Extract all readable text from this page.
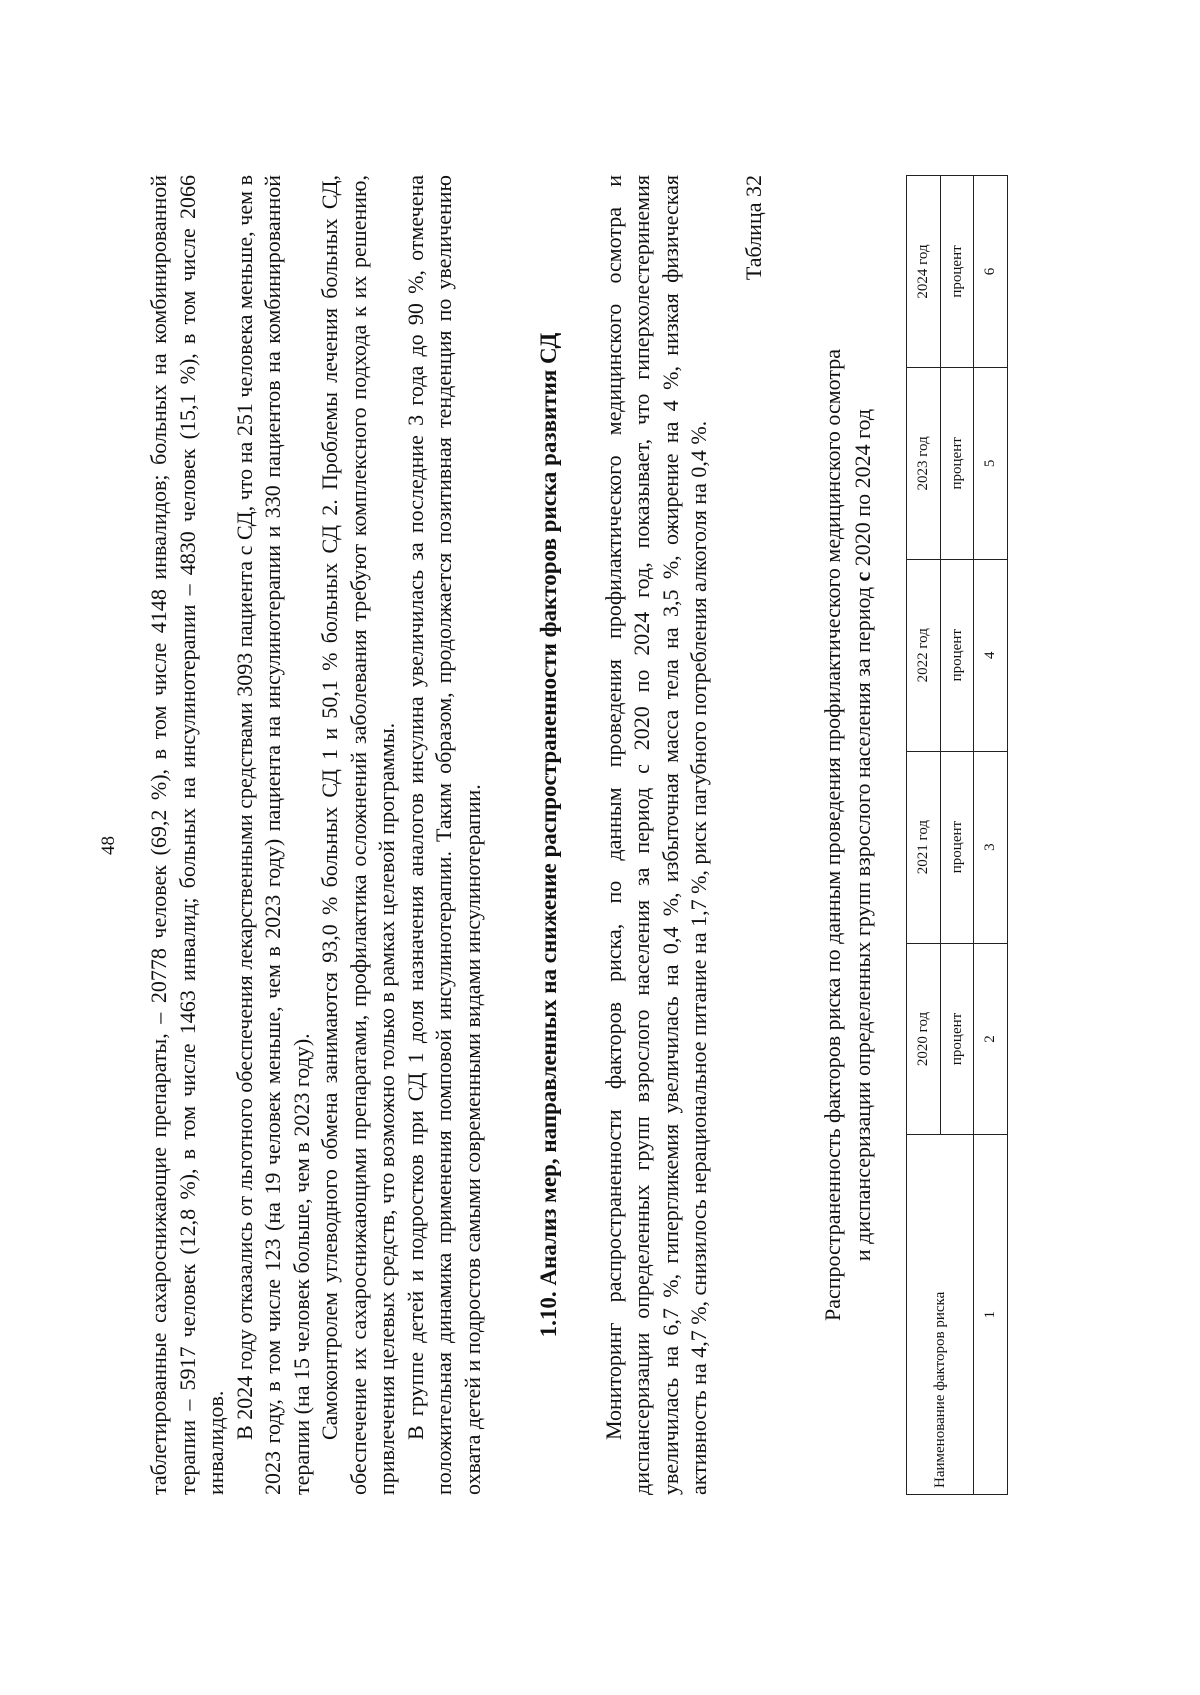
48 таблетированные сахароснижающие препараты, – 20778 человек (69,2 %), в том числе 4148 инвалидов; больных на комбинированной терапии – 5917 человек (12,8 %), в том числе 1463 инвалид; больных на инсулинотерапии – 4830 человек (15,1 %), в том числе 2066 инвалидов.

В 2024 году отказались от льготного обеспечения лекарственными средствами 3093 пациента с СД, что на 251 человека меньше, чем в 2023 году, в том числе 123 (на 19 человек меньше, чем в 2023 году) пациента на инсулинотерапии и 330 пациентов на комбинированной терапии (на 15 человек больше, чем в 2023 году). Самоконтролем углеводного обмена занимаются 93,0 % больных СД 1 и 50,1 % больных СД 2. Проблемы лечения больных СД, обеспечение их сахароснижающими препаратами, профилактика осложнений заболевания требуют комплексного подхода к их решению, привлечения целевых средств, что возможно только в рамках целевой программы. В группе детей и подростков при СД 1 доля назначения аналогов инсулина увеличилась за последние 3 года до 90 %, отмечена положительная динамика применения помповой инсулинотерапии. Таким образом, продолжается позитивная тенденция по увеличению охвата детей и подростов самыми современными видами инсулинотерапии. 1.10. Анализ мер, направленных на снижение распространенности факторов риска развития СД Мониторинг распространенности факторов риска, по данным проведения профилактического медицинского осмотра и диспансеризации определенных групп взрослого населения за период с 2020 по 2024 год, показывает, что гиперхолестеринемия увеличилась на 6,7 %, гипергликемия увеличилась на 0,4 %, избыточная масса тела на 3,5 %, ожирение на 4 %, низкая физическая активность на 4,7 %, снизилось нерациональное питание на 1,7 %, риск пагубного потребления алкоголя на 0,4 %.

Таблица 32
Распространенность факторов риска по данным проведения профилактического медицинского осмотра и диспансеризации определенных групп взрослого населения за период с 2020 по 2024 год
Наименование факторов риска	2020 год	2021 год	2022 год	2023 год	2024 год
	процент	процент	процент	процент	процент
1	2	3	4	5	6
